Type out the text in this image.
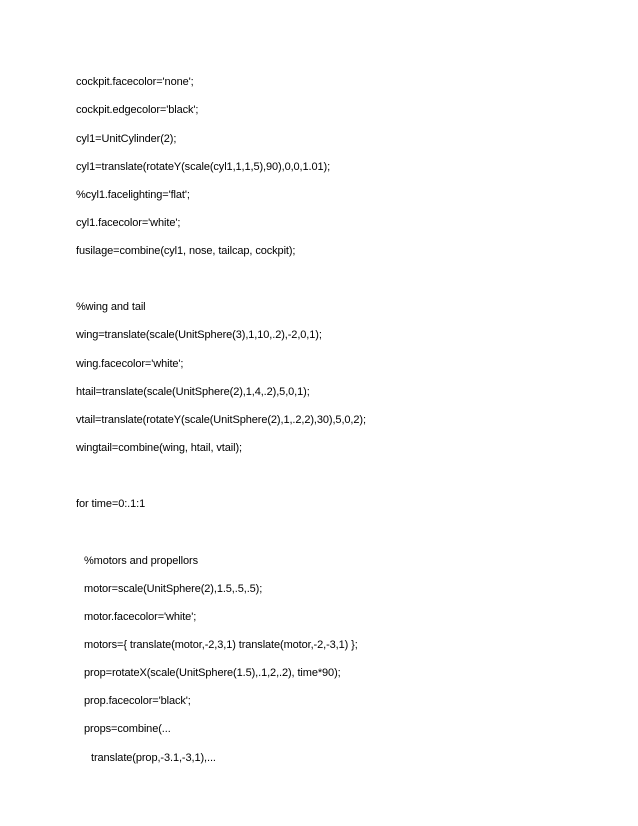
cockpit.facecolor='none';
cockpit.edgecolor='black';
cyl1=UnitCylinder(2);
cyl1=translate(rotateY(scale(cyl1,1,1,5),90),0,0,1.01);
%cyl1.facelighting='flat';
cyl1.facecolor='white';
fusilage=combine(cyl1, nose, tailcap, cockpit);
%wing and tail
wing=translate(scale(UnitSphere(3),1,10,.2),-2,0,1);
wing.facecolor='white';
htail=translate(scale(UnitSphere(2),1,4,.2),5,0,1);
vtail=translate(rotateY(scale(UnitSphere(2),1,.2,2),30),5,0,2);
wingtail=combine(wing, htail, vtail);
for time=0:.1:1
%motors and propellors
motor=scale(UnitSphere(2),1.5,.5,.5);
motor.facecolor='white';
motors={ translate(motor,-2,3,1) translate(motor,-2,-3,1) };
prop=rotateX(scale(UnitSphere(1.5),.1,2,.2), time*90);
prop.facecolor='black';
props=combine(...
translate(prop,-3.1,-3,1),...
